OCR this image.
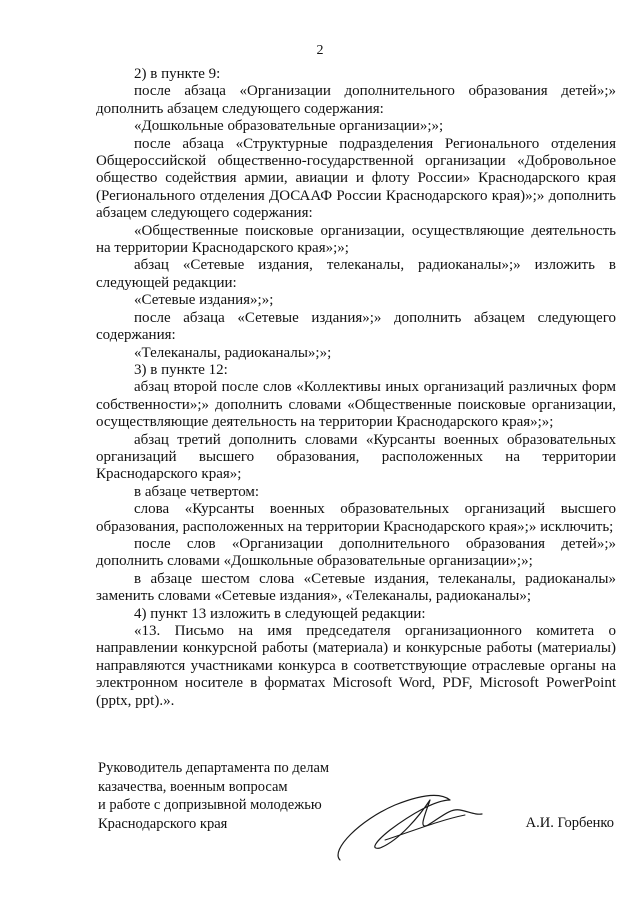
2

2) в пункте 9:

после абзаца «Организации дополнительного образования детей»;» дополнить абзацем следующего содержания:

«Дошкольные образовательные организации»;»;

после абзаца «Структурные подразделения Регионального отделения Общероссийской общественно-государственной организации «Добровольное общество содействия армии, авиации и флоту России» Краснодарского края (Регионального отделения ДОСААФ России Краснодарского края)»;» дополнить абзацем следующего содержания:

«Общественные поисковые организации, осуществляющие деятельность на территории Краснодарского края»;»;

абзац «Сетевые издания, телеканалы, радиоканалы»;» изложить в следующей редакции:

«Сетевые издания»;»;

после абзаца «Сетевые издания»;» дополнить абзацем следующего содержания:

«Телеканалы, радиоканалы»;»;

3) в пункте 12:

абзац второй после слов «Коллективы иных организаций различных форм собственности»;» дополнить словами «Общественные поисковые организации, осуществляющие деятельность на территории Краснодарского края»;»;

абзац третий дополнить словами «Курсанты военных образовательных организаций высшего образования, расположенных на территории Краснодарского края»;

в абзаце четвертом:

слова «Курсанты военных образовательных организаций высшего образования, расположенных на территории Краснодарского края»;» исключить;

после слов «Организации дополнительного образования детей»;» дополнить словами «Дошкольные образовательные организации»;»;

в абзаце шестом слова «Сетевые издания, телеканалы, радиоканалы» заменить словами «Сетевые издания», «Телеканалы, радиоканалы»;

4) пункт 13 изложить в следующей редакции:

«13. Письмо на имя председателя организационного комитета о направлении конкурсной работы (материала) и конкурсные работы (материалы) направляются участниками конкурса в соответствующие отраслевые органы на электронном носителе в форматах Microsoft Word, PDF, Microsoft PowerPoint (pptx, ppt).».

Руководитель департамента по делам
казачества, военным вопросам
и работе с допризывной молодежью
Краснодарского края	А.И. Горбенко
